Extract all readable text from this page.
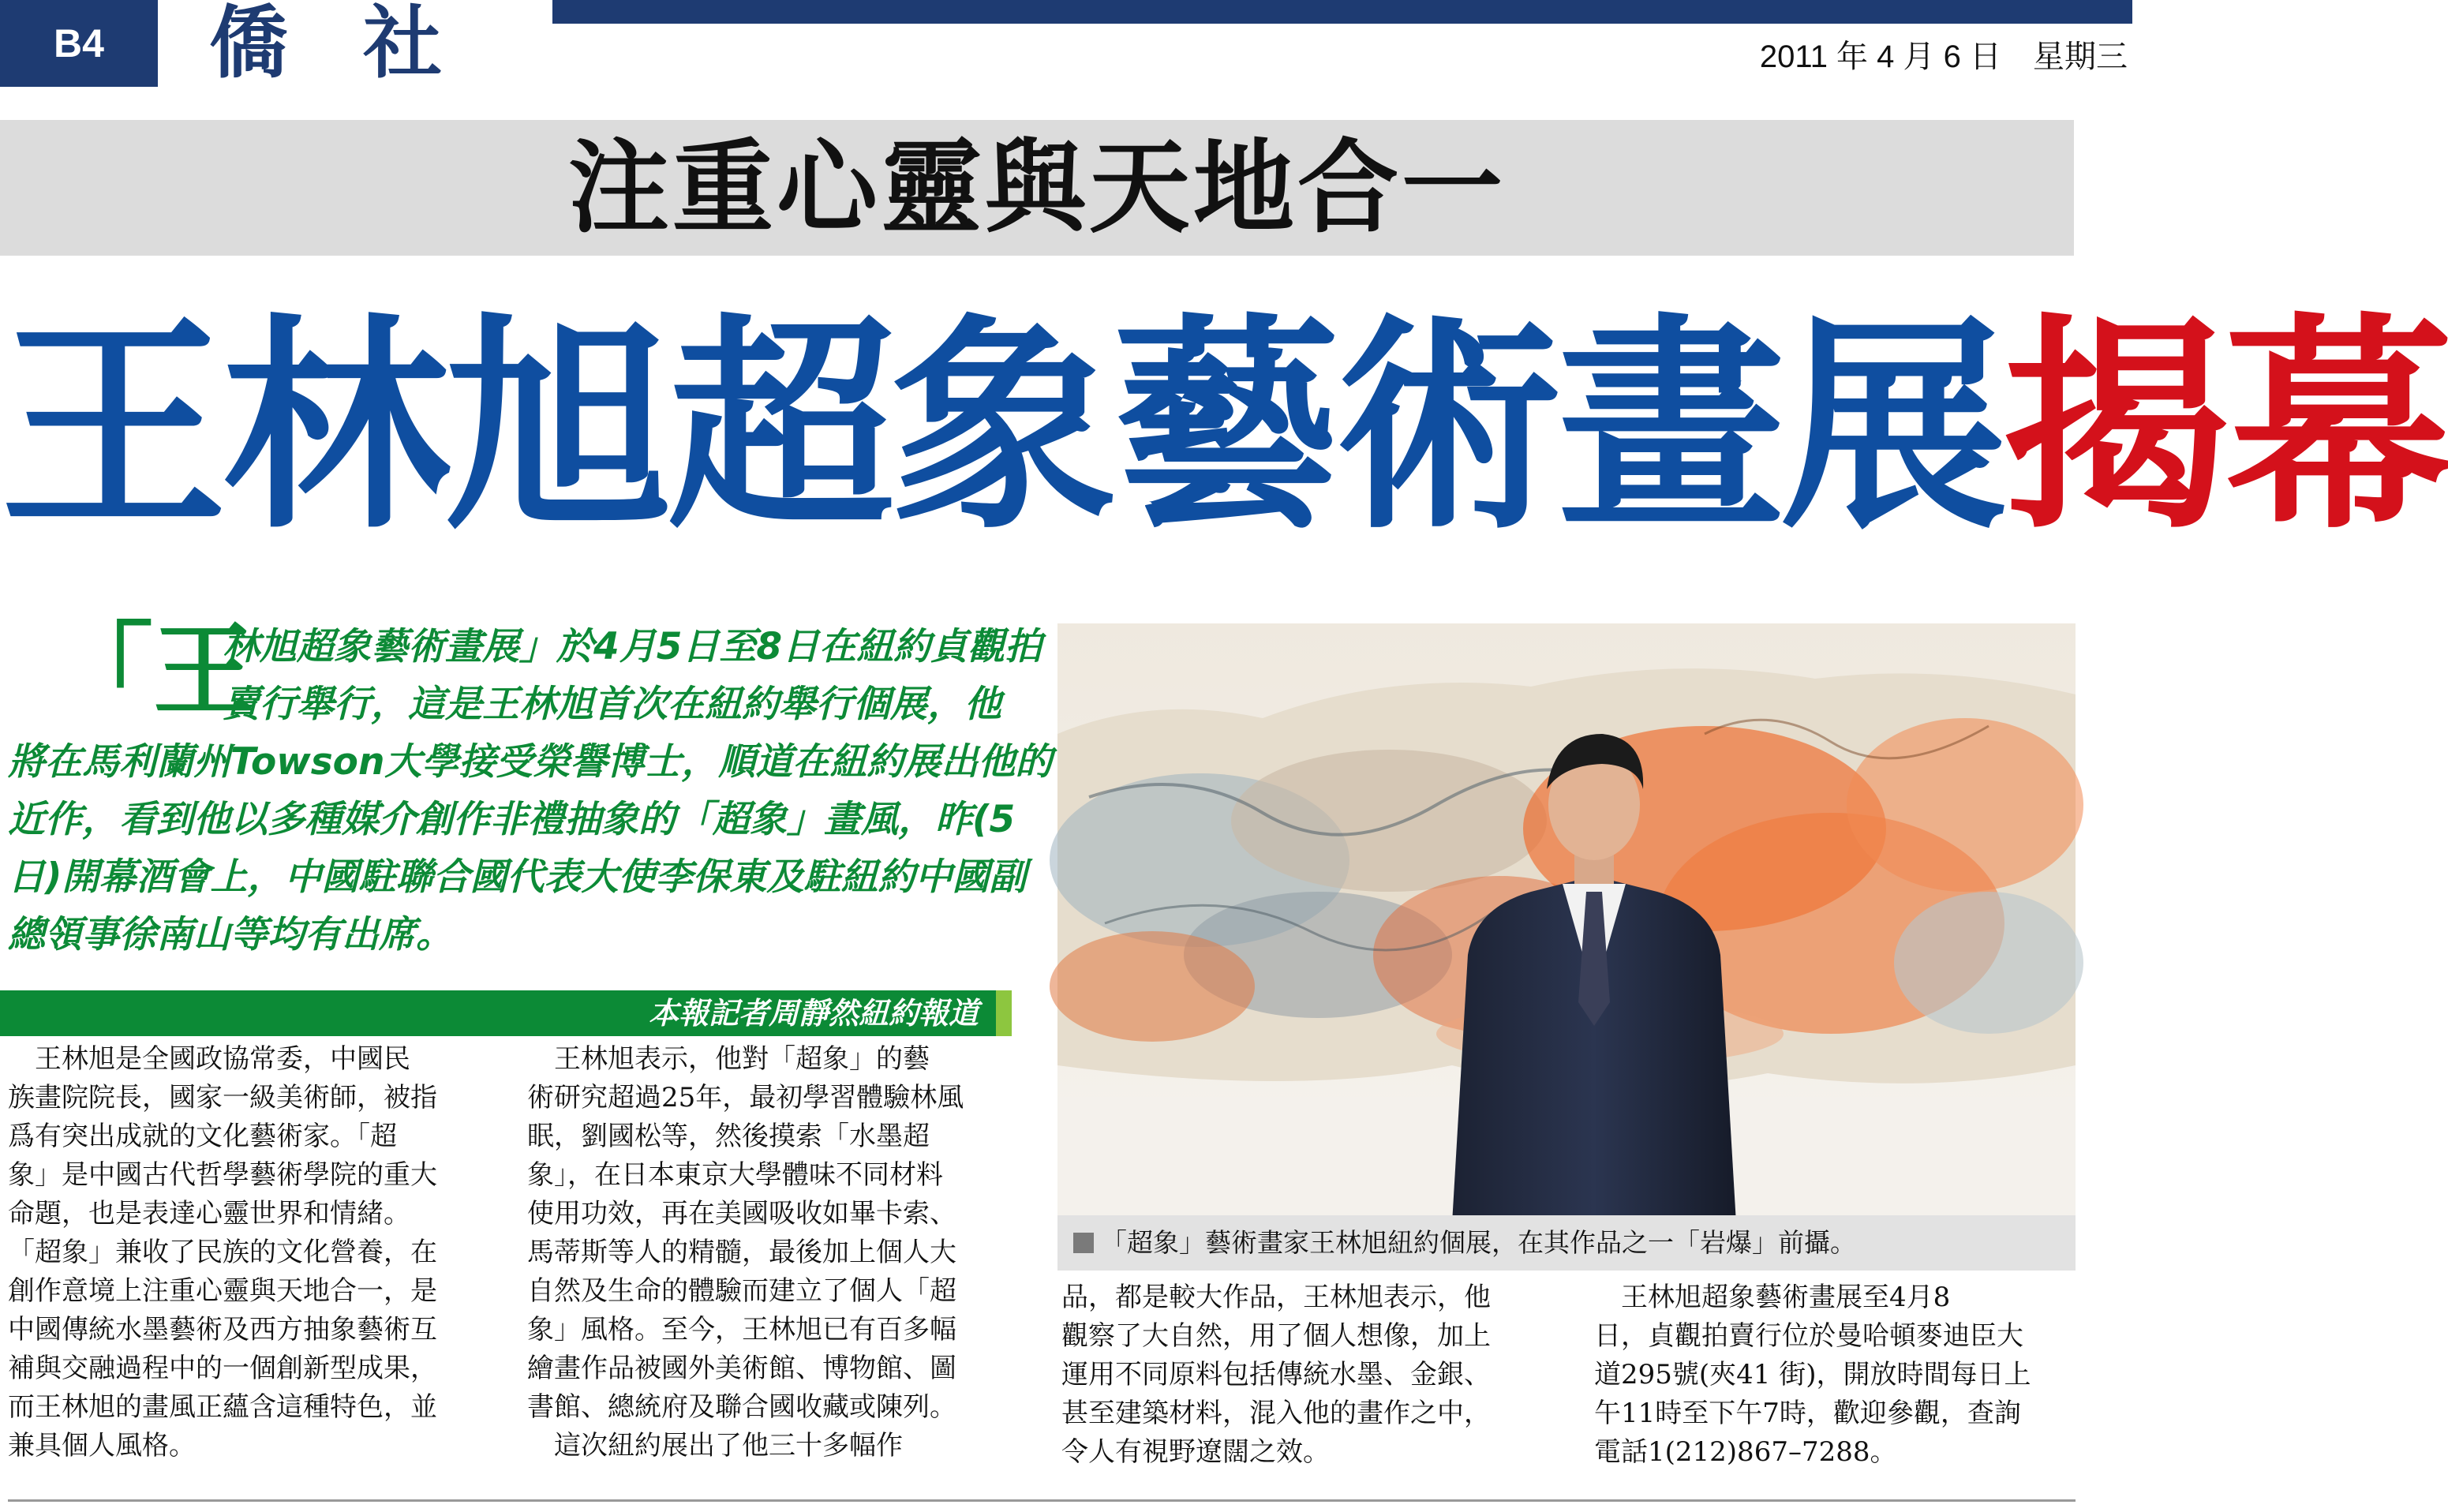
B4	僑社	2011 年 4 月 6 日　星期三
注重心靈與天地合一
王林旭超象藝術畫展揭幕
「王
林旭超象藝術畫展」於4月5日至8日在紐約貞觀拍
賣行舉行，這是王林旭首次在紐約舉行個展，他
將在馬利蘭州Towson大學接受榮譽博士，順道在紐約展出他的
近作，看到他以多種媒介創作非禮抽象的「超象」畫風，昨(5
日)開幕酒會上，中國駐聯合國代表大使李保東及駐紐約中國副
總領事徐南山等均有出席。
本報記者周靜然紐約報道
　王林旭是全國政協常委，中國民
族畫院院長，國家一級美術師，被指
爲有突出成就的文化藝術家。「超
象」是中國古代哲學藝術學院的重大
命題，也是表達心靈世界和情緒。
「超象」兼收了民族的文化營養，在
創作意境上注重心靈與天地合一，是
中國傳統水墨藝術及西方抽象藝術互
補與交融過程中的一個創新型成果，
而王林旭的畫風正蘊含這種特色，並
兼具個人風格。
　王林旭表示，他對「超象」的藝
術研究超過25年，最初學習體驗林風
眠，劉國松等，然後摸索「水墨超
象」，在日本東京大學體味不同材料
使用功效，再在美國吸收如畢卡索、
馬蒂斯等人的精髓，最後加上個人大
自然及生命的體驗而建立了個人「超
象」風格。至今，王林旭已有百多幅
繪畫作品被國外美術館、博物館、圖
書館、總統府及聯合國收藏或陳列。
　這次紐約展出了他三十多幅作
品，都是較大作品，王林旭表示，他
觀察了大自然，用了個人想像，加上
運用不同原料包括傳統水墨、金銀、
甚至建築材料，混入他的畫作之中，
令人有視野遼闊之效。
　王林旭超象藝術畫展至4月8
日，貞觀拍賣行位於曼哈頓麥迪臣大
道295號(夾41 街)，開放時間每日上
午11時至下午7時，歡迎參觀，查詢
電話1(212)867–7288。
「超象」藝術畫家王林旭紐約個展，在其作品之一「岩爆」前攝。
